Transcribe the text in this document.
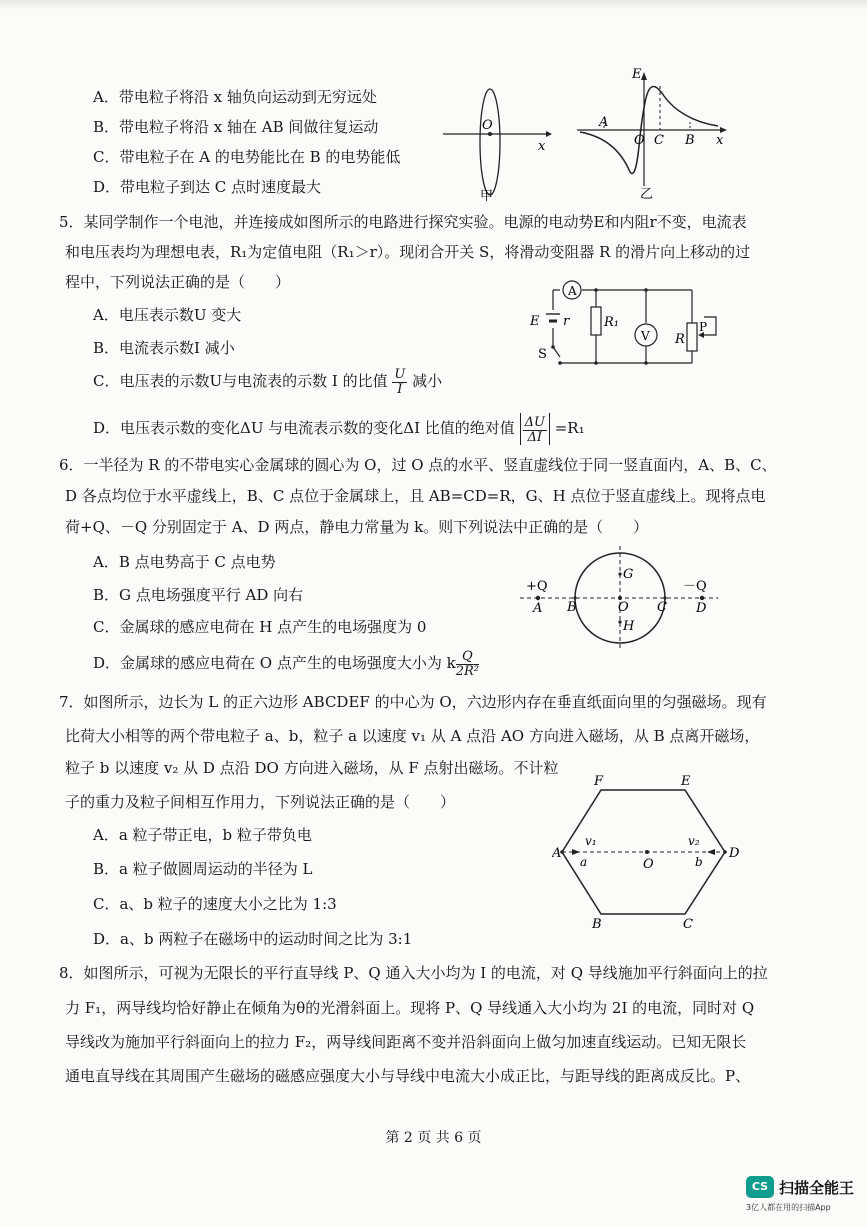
A．带电粒子将沿 x 轴负向运动到无穷远处
B．带电粒子将沿 x 轴在 AB 间做往复运动
C．带电粒子在 A 的电势能比在 B 的电势能低
D．带电粒子到达 C 点时速度最大
O
x
甲
E
A
O C B x
乙
5．某同学制作一个电池，并连接成如图所示的电路进行探究实验。电源的电动势E和内阻r不变，电流表
和电压表均为理想电表，R₁为定值电阻（R₁＞r）。现闭合开关 S，将滑动变阻器 R 的滑片向上移动的过
程中，下列说法正确的是（　　）
A．电压表示数U 变大
B．电流表示数I 减小
C．电压表的示数U与电流表的示数 I 的比值 $\frac{U}{I}$ 减小
D．电压表示数的变化ΔU 与电流表示数的变化ΔI 比值的绝对值 $\frac{\Delta U}{\Delta I} =R_1$
A
V
E r	R₁
R
P
S
6．一半径为 R 的不带电实心金属球的圆心为 O，过 O 点的水平、竖直虚线位于同一竖直面内，A、B、C、
D 各点均位于水平虚线上，B、C 点位于金属球上，且 AB=CD=R，G、H 点位于竖直虚线上。现将点电
荷+Q、－Q 分别固定于 A、D 两点，静电力常量为 k。则下列说法中正确的是（　　）
A．B 点电势高于 C 点电势
B．G 点电场强度平行 AD 向右
C．金属球的感应电荷在 H 点产生的电场强度为 0
D．金属球的感应电荷在 O 点产生的电场强度大小为 k $\frac{Q}{\text{2R²}}$
+Q	－Q
A B	O C D
G
H
7．如图所示，边长为 L 的正六边形 ABCDEF 的中心为 O，六边形内存在垂直纸面向里的匀强磁场。现有
比荷大小相等的两个带电粒子 a、b，粒子 a 以速度 v₁ 从 A 点沿 AO 方向进入磁场，从 B 点离开磁场，
粒子 b 以速度 v₂ 从 D 点沿 DO 方向进入磁场，从 F 点射出磁场。不计粒
子的重力及粒子间相互作用力，下列说法正确的是（　　）
A．a 粒子带正电，b 粒子带负电
B．a 粒子做圆周运动的半径为 L
C．a、b 粒子的速度大小之比为 1:3
D．a、b 两粒子在磁场中的运动时间之比为 3:1
F	E
A	D
B	C
O
a	b
v₁	v₂
8．如图所示，可视为无限长的平行直导线 P、Q 通入大小均为 I 的电流，对 Q 导线施加平行斜面向上的拉
力 F₁，两导线均恰好静止在倾角为θ的光滑斜面上。现将 P、Q 导线通入大小均为 2I 的电流，同时对 Q
导线改为施加平行斜面向上的拉力 F₂，两导线间距离不变并沿斜面向上做匀加速直线运动。已知无限长
通电直导线在其周围产生磁场的磁感应强度大小与导线中电流大小成正比，与距导线的距离成反比。P、
第 2 页 共 6 页
CS 扫描全能王
3亿人都在用的扫描App
